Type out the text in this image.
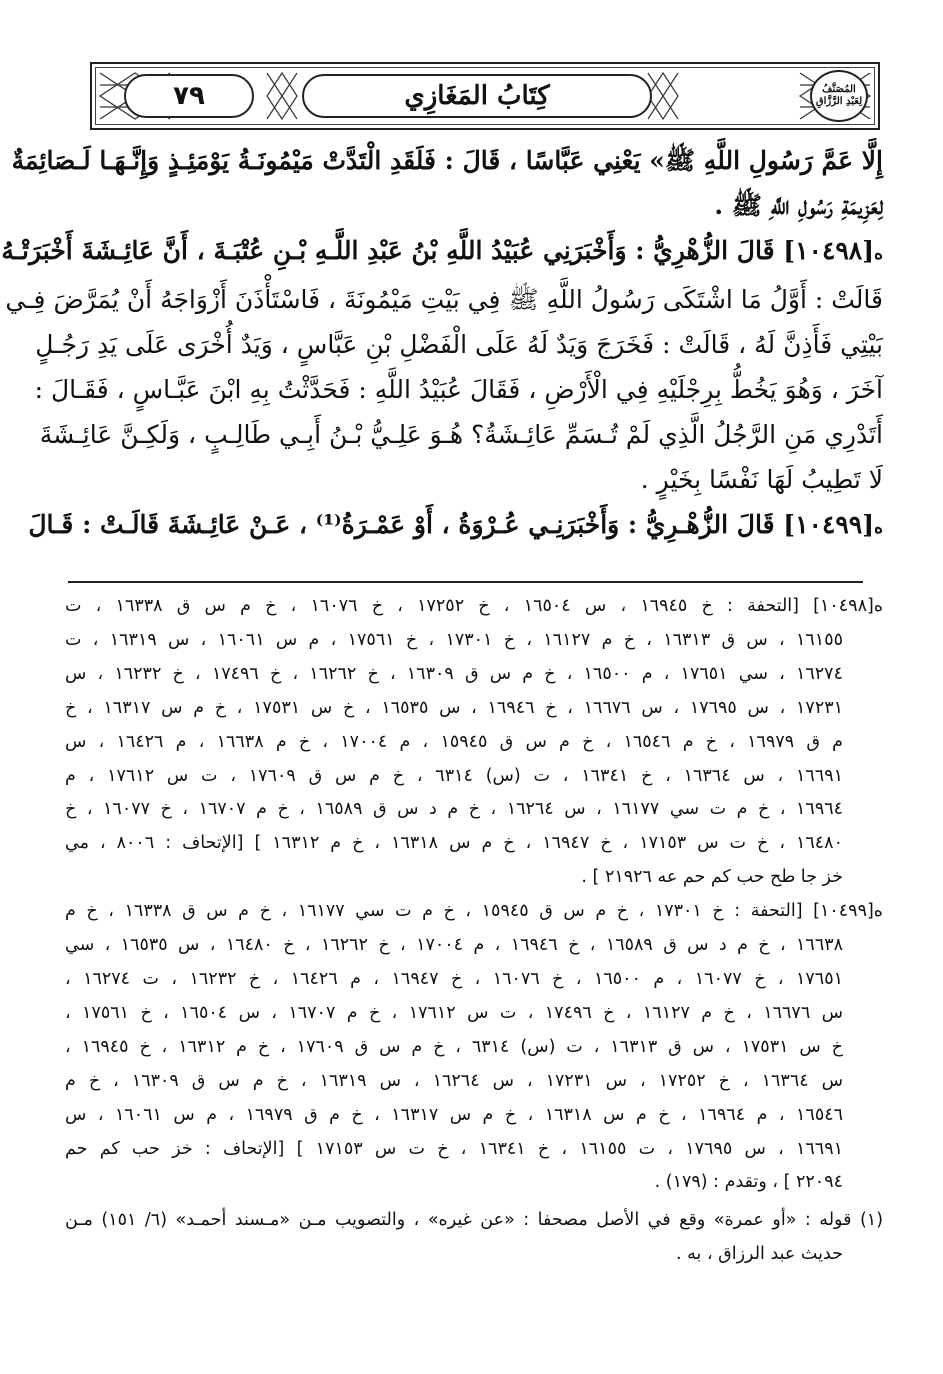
٧٩	كِتَابُ المَغَازِي	المُصَنَّفُ
لِعَبْدِ الرَّزَّاقِ
إِلَّا عَمَّ رَسُولِ اللَّهِ ﷺ» يَعْنِي عَبَّاسًا ، قَالَ : فَلَقَدِ الْتَدَّتْ مَيْمُونَـةُ يَوْمَئِـذٍ وَإِنَّـهَـا لَـصَائِمَةٌ
لِعَزِيمَةِ رَسُولِ اللَّهِ ﷺ .
ه[١٠٤٩٨] قَالَ الزُّهْرِيُّ : وَأَخْبَرَنِي عُبَيْدُ اللَّهِ بْنُ عَبْدِ اللَّـهِ بْـنِ عُتْبَـةَ ، أَنَّ عَائِـشَةَ أَخْبَرَتْـهُ
قَالَتْ : أَوَّلُ مَا اشْتَكَى رَسُولُ اللَّهِ ﷺ فِي بَيْتِ مَيْمُونَةَ ، فَاسْتَأْذَنَ أَزْوَاجَهُ أَنْ يُمَرَّضَ فِـي
بَيْتِي فَأَذِنَّ لَهُ ، قَالَتْ : فَخَرَجَ وَيَدٌ لَهُ عَلَى الْفَضْلِ بْنِ عَبَّاسٍ ، وَيَدٌ أُخْرَى عَلَى يَدِ رَجُـلٍ
آخَرَ ، وَهُوَ يَخُطُّ بِرِجْلَيْهِ فِي الْأَرْضِ ، فَقَالَ عُبَيْدُ اللَّهِ : فَحَدَّثْتُ بِهِ ابْنَ عَبَّـاسٍ ، فَقَـالَ :
أَتَدْرِي مَنِ الرَّجُلُ الَّذِي لَمْ تُـسَمِّ عَائِـشَةُ؟ هُـوَ عَلِـيُّ بْـنُ أَبِـي طَالِـبٍ ، وَلَكِـنَّ عَائِـشَةَ
لَا تَطِيبُ لَهَا نَفْسًا بِخَيْرٍ .
ه[١٠٤٩٩] قَالَ الزُّهْـرِيُّ : وَأَخْبَرَنِـي عُـرْوَةُ ، أَوْ عَمْـرَةُ⁽¹⁾ ، عَـنْ عَائِـشَةَ قَالَـتْ : قَـالَ
ه[١٠٤٩٨] [التحفة : خ ١٦٩٤٥ ، س ١٦٥٠٤ ، خ ١٧٢٥٢ ، خ ١٦٠٧٦ ، خ م س ق ١٦٣٣٨ ، ت
١٦١٥٥ ، س ق ١٦٣١٣ ، خ م ١٦١٢٧ ، خ ١٧٣٠١ ، خ ١٧٥٦١ ، م س ١٦٠٦١ ، س ١٦٣١٩ ، ت
١٦٢٧٤ ، سي ١٧٦٥١ ، م ١٦٥٠٠ ، خ م س ق ١٦٣٠٩ ، خ ١٦٢٦٢ ، خ ١٧٤٩٦ ، خ ١٦٢٣٢ ، س
١٧٢٣١ ، س ١٧٦٩٥ ، س ١٦٦٧٦ ، خ ١٦٩٤٦ ، س ١٦٥٣٥ ، خ س ١٧٥٣١ ، خ م س ١٦٣١٧ ، خ
م ق ١٦٩٧٩ ، خ م ١٦٥٤٦ ، خ م س ق ١٥٩٤٥ ، م ١٧٠٠٤ ، خ م ١٦٦٣٨ ، م ١٦٤٢٦ ، س
١٦٦٩١ ، س ١٦٣٦٤ ، خ ١٦٣٤١ ، ت (س) ٦٣١٤ ، خ م س ق ١٧٦٠٩ ، ت س ١٧٦١٢ ، م
١٦٩٦٤ ، خ م ت سي ١٦١٧٧ ، س ١٦٢٦٤ ، خ م د س ق ١٦٥٨٩ ، خ م ١٦٧٠٧ ، خ ١٦٠٧٧ ، خ
١٦٤٨٠ ، خ ت س ١٧١٥٣ ، خ ١٦٩٤٧ ، خ م س ١٦٣١٨ ، خ م ١٦٣١٢ ] [الإتحاف : ٨٠٠٦ ، مي
خز جا طح حب كم حم عه ٢١٩٢٦ ] .
ه[١٠٤٩٩] [التحفة : خ ١٧٣٠١ ، خ م س ق ١٥٩٤٥ ، خ م ت سي ١٦١٧٧ ، خ م س ق ١٦٣٣٨ ، خ م
١٦٦٣٨ ، خ م د س ق ١٦٥٨٩ ، خ ١٦٩٤٦ ، م ١٧٠٠٤ ، خ ١٦٢٦٢ ، خ ١٦٤٨٠ ، س ١٦٥٣٥ ، سي
١٧٦٥١ ، خ ١٦٠٧٧ ، م ١٦٥٠٠ ، خ ١٦٠٧٦ ، خ ١٦٩٤٧ ، م ١٦٤٢٦ ، خ ١٦٢٣٢ ، ت ١٦٢٧٤ ،
س ١٦٦٧٦ ، خ م ١٦١٢٧ ، خ ١٧٤٩٦ ، ت س ١٧٦١٢ ، خ م ١٦٧٠٧ ، س ١٦٥٠٤ ، خ ١٧٥٦١ ،
خ س ١٧٥٣١ ، س ق ١٦٣١٣ ، ت (س) ٦٣١٤ ، خ م س ق ١٧٦٠٩ ، خ م ١٦٣١٢ ، خ ١٦٩٤٥ ،
س ١٦٣٦٤ ، خ ١٧٢٥٢ ، س ١٧٢٣١ ، س ١٦٢٦٤ ، س ١٦٣١٩ ، خ م س ق ١٦٣٠٩ ، خ م
١٦٥٤٦ ، م ١٦٩٦٤ ، خ م س ١٦٣١٨ ، خ م س ١٦٣١٧ ، خ م ق ١٦٩٧٩ ، م س ١٦٠٦١ ، س
١٦٦٩١ ، س ١٧٦٩٥ ، ت ١٦١٥٥ ، خ ١٦٣٤١ ، خ ت س ١٧١٥٣ ] [الإتحاف : خز حب كم حم
٢٢٠٩٤ ] ، وتقدم : (١٧٩) .
(١) قوله : «أو عمرة» وقع في الأصل مصحفا : «عن غيره» ، والتصويب مـن «مـسند أحمـد» (٦/ ١٥١) مـن
حديث عبد الرزاق ، به .
